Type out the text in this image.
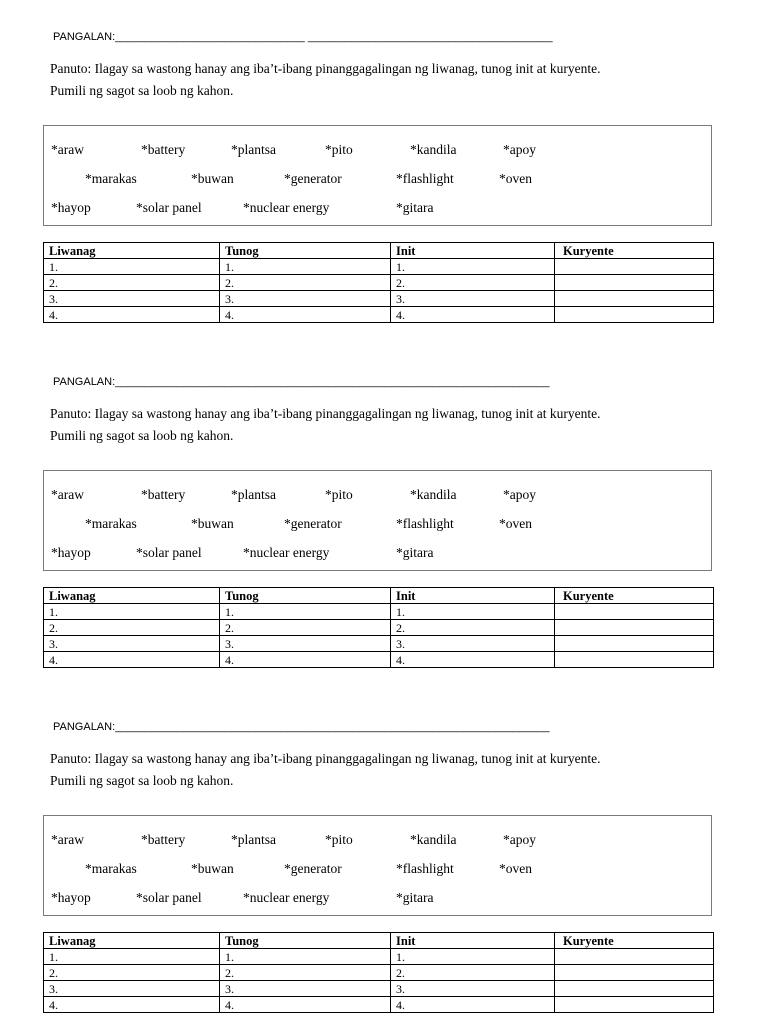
PANGALAN:_______________________________ ________________________________________

Panuto: Ilagay sa wastong hanay ang iba’t-ibang pinanggagalingan ng liwanag, tunog init at kuryente.

Pumili ng sagot sa loob ng kahon.

*araw	*battery	*plantsa	*pito	*kandila	*apoy
*marakas	*buwan	*generator	*flashlight	*oven
*hayop	*solar panel	*nuclear energy	*gitara
Liwanag	Tunog	Init	Kuryente
1.	1.	1.	
2.	2.	2.	
3.	3.	3.	
4.	4.	4.	
PANGALAN:_______________________________________________________________________

Panuto: Ilagay sa wastong hanay ang iba’t-ibang pinanggagalingan ng liwanag, tunog init at kuryente.

Pumili ng sagot sa loob ng kahon.

*araw	*battery	*plantsa	*pito	*kandila	*apoy
*marakas	*buwan	*generator	*flashlight	*oven
*hayop	*solar panel	*nuclear energy	*gitara
Liwanag	Tunog	Init	Kuryente
1.	1.	1.	
2.	2.	2.	
3.	3.	3.	
4.	4.	4.	
PANGALAN:_______________________________________________________________________

Panuto: Ilagay sa wastong hanay ang iba’t-ibang pinanggagalingan ng liwanag, tunog init at kuryente.

Pumili ng sagot sa loob ng kahon.

*araw	*battery	*plantsa	*pito	*kandila	*apoy
*marakas	*buwan	*generator	*flashlight	*oven
*hayop	*solar panel	*nuclear energy	*gitara
Liwanag	Tunog	Init	Kuryente
1.	1.	1.	
2.	2.	2.	
3.	3.	3.	
4.	4.	4.	
